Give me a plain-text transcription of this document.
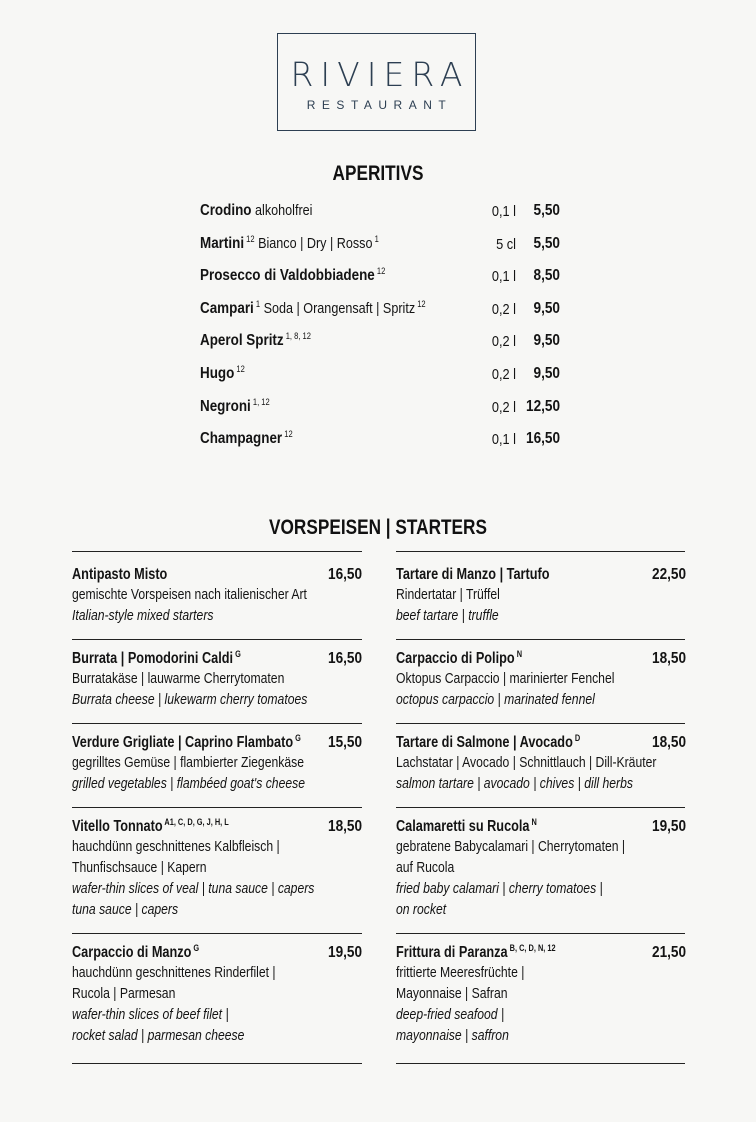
RIVIERA
RESTAURANT
APERITIVS
Crodino alkoholfrei	0,1 l	5,50
Martini $^{12}$ Bianco | Dry | Rosso $^1$	5 cl	5,50
Prosecco di Valdobbiadene $^{12}$	0,1 l	8,50
Campari $^1$ Soda | Orangensaft | Spritz $^{12}$	0,2 l	9,50
Aperol Spritz $^{1, 8, 12}$	0,2 l	9,50
Hugo $^{12}$	0,2 l	9,50
Negroni $^{1, 12}$	0,2 l 12,50
Champagner $^{12}$	0,1 l 16,50
VORSPEISEN | STARTERS
Antipasto Misto	16,50
gemischte Vorspeisen nach italienischer Art
Italian-style mixed starters
Burrata | Pomodorini Caldi $^G$	16,50
Burratakäse | lauwarme Cherrytomaten
Burrata cheese | lukewarm cherry tomatoes
Verdure Grigliate | Caprino Flambato $^G$	15,50
gegrilltes Gemüse | flambierter Ziegenkäse
grilled vegetables | flambéed goat's cheese
Vitello Tonnato $^{A1, C, D, G, J, H, L}$	18,50
hauchdünn geschnittenes Kalbfleisch |
Thunfischsauce | Kapern
wafer-thin slices of veal | tuna sauce | capers
tuna sauce | capers
Carpaccio di Manzo $^G$	19,50
hauchdünn geschnittenes Rinderfilet |
Rucola | Parmesan
wafer-thin slices of beef filet |
rocket salad | parmesan cheese
Tartare di Manzo | Tartufo	22,50
Rindertatar | Trüffel
beef tartare | truffle
Carpaccio di Polipo $^N$	18,50
Oktopus Carpaccio | marinierter Fenchel
octopus carpaccio | marinated fennel
Tartare di Salmone | Avocado $^D$	18,50
Lachstatar | Avocado | Schnittlauch | Dill-Kräuter
salmon tartare | avocado | chives | dill herbs
Calamaretti su Rucola $^N$	19,50
gebratene Babycalamari | Cherrytomaten |
auf Rucola
fried baby calamari | cherry tomatoes |
on rocket
Frittura di Paranza $^{B, C, D, N, 12}$	21,50
frittierte Meeresfrüchte |
Mayonnaise | Safran
deep-fried seafood |
mayonnaise | saffron
